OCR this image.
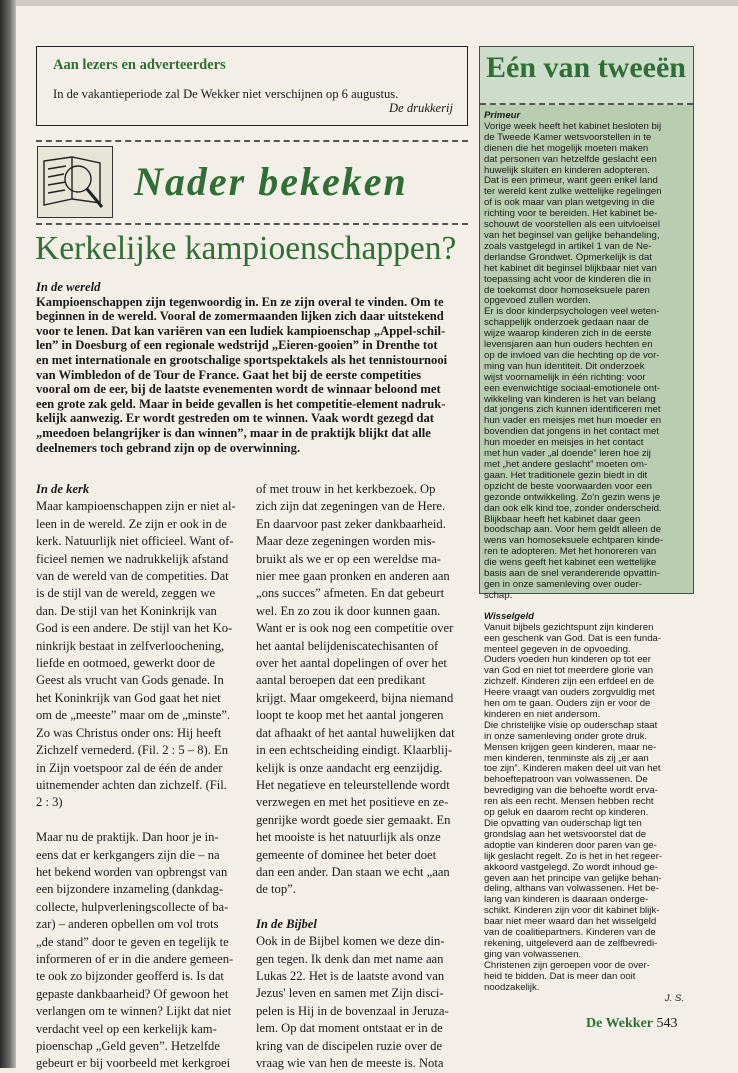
Aan lezers en adverteerders

In de vakantieperiode zal De Wekker niet verschijnen op 6 augustus.

De drukkerij

Nader bekeken
Kerkelijke kampioenschappen?
In de wereld
Kampioenschappen zijn tegenwoordig in. En ze zijn overal te vinden. Om te
beginnen in de wereld. Vooral de zomermaanden lijken zich daar uitstekend
voor te lenen. Dat kan variëren van een ludiek kampioenschap „Appel-schil-
len” in Doesburg of een regionale wedstrijd „Eieren-gooien” in Drenthe tot
en met internationale en grootschalige sportspektakels als het tennistournooi
van Wimbledon of de Tour de France. Gaat het bij de eerste competities
vooral om de eer, bij de laatste evenementen wordt de winnaar beloond met
een grote zak geld. Maar in beide gevallen is het competitie-element nadruk-
kelijk aanwezig. Er wordt gestreden om te winnen. Vaak wordt gezegd dat
„meedoen belangrijker is dan winnen”, maar in de praktijk blijkt dat alle
deelnemers toch gebrand zijn op de overwinning.
In de kerk
Maar kampioenschappen zijn er niet al-
leen in de wereld. Ze zijn er ook in de
kerk. Natuurlijk niet officieel. Want of-
ficieel nemen we nadrukkelijk afstand
van de wereld van de competities. Dat
is de stijl van de wereld, zeggen we
dan. De stijl van het Koninkrijk van
God is een andere. De stijl van het Ko-
ninkrijk bestaat in zelfverloochening,
liefde en ootmoed, gewerkt door de
Geest als vrucht van Gods genade. In
het Koninkrijk van God gaat het niet
om de „meeste” maar om de „minste”.
Zo was Christus onder ons: Hij heeft
Zichzelf vernederd. (Fil. 2 : 5 – 8). En
in Zijn voetspoor zal de één de ander
uitnemender achten dan zichzelf. (Fil.
2 : 3)

Maar nu de praktijk. Dan hoor je in-
eens dat er kerkgangers zijn die – na
het bekend worden van opbrengst van
een bijzondere inzameling (dankdag-
collecte, hulpverleningscollecte of ba-
zar) – anderen opbellen om vol trots
„de stand” door te geven en tegelijk te
informeren of er in die andere gemeen-
te ook zo bijzonder geofferd is. Is dat
gepaste dankbaarheid? Of gewoon het
verlangen om te winnen? Lijkt dat niet
verdacht veel op een kerkelijk kam-
pioenschap „Geld geven”. Hetzelfde
gebeurt er bij voorbeeld met kerkgroei
of met trouw in het kerkbezoek. Op
zich zijn dat zegeningen van de Here.
En daarvoor past zeker dankbaarheid.
Maar deze zegeningen worden mis-
bruikt als we er op een wereldse ma-
nier mee gaan pronken en anderen aan
„ons succes” afmeten. En dat gebeurt
wel. En zo zou ik door kunnen gaan.
Want er is ook nog een competitie over
het aantal belijdeniscatechisanten of
over het aantal dopelingen of over het
aantal beroepen dat een predikant
krijgt. Maar omgekeerd, bijna niemand
loopt te koop met het aantal jongeren
dat afhaakt of het aantal huwelijken dat
in een echtscheiding eindigt. Klaarblij-
kelijk is onze aandacht erg eenzijdig.
Het negatieve en teleurstellende wordt
verzwegen en met het positieve en ze-
genrijke wordt goede sier gemaakt. En
het mooiste is het natuurlijk als onze
gemeente of dominee het beter doet
dan een ander. Dan staan we echt „aan
de top”.
In de Bijbel
Ook in de Bijbel komen we deze din-
gen tegen. Ik denk dan met name aan
Lukas 22. Het is de laatste avond van
Jezus' leven en samen met Zijn disci-
pelen is Hij in de bovenzaal in Jeruza-
lem. Op dat moment ontstaat er in de
kring van de discipelen ruzie over de
vraag wie van hen de meeste is. Nota
Eén van tweeën
Primeur
Vorige week heeft het kabinet besloten bij
de Tweede Kamer wetsvoorstellen in te
dienen die het mogelijk moeten maken
dat personen van hetzelfde geslacht een
huwelijk sluiten en kinderen adopteren.
Dat is een primeur, want geen enkel land
ter wereld kent zulke wettelijke regelingen
of is ook maar van plan wetgeving in die
richting voor te bereiden. Het kabinet be-
schouwt de voorstellen als een uitvloeisel
van het beginsel van gelijke behandeling,
zoals vastgelegd in artikel 1 van de Ne-
derlandse Grondwet. Opmerkelijk is dat
het kabinet dit beginsel blijkbaar niet van
toepassing acht voor de kinderen die in
de toekomst door homoseksuele paren
opgevoed zullen worden.
Er is door kinderpsychologen veel weten-
schappelijk onderzoek gedaan naar de
wijze waarop kinderen zich in de eerste
levensjaren aan hun ouders hechten en
op de invloed van die hechting op de vor-
ming van hun identiteit. Dit onderzoek
wijst voornamelijk in één richting: voor
een evenwichtige sociaal-emotionele ont-
wikkeling van kinderen is het van belang
dat jongens zich kunnen identificeren met
hun vader en meisjes met hun moeder en
bovendien dat jongens in het contact met
hun moeder en meisjes in het contact
met hun vader „al doende” leren hoe zij
met „het andere geslacht” moeten om-
gaan. Het traditionele gezin biedt in dit
opzicht de beste voorwaarden voor een
gezonde ontwikkeling. Zo'n gezin wens je
dan ook elk kind toe, zonder onderscheid.
Blijkbaar heeft het kabinet daar geen
boodschap aan. Voor hem geldt alleen de
wens van homoseksuele echtparen kinde-
ren te adopteren. Met het honoreren van
die wens geeft het kabinet een wettelijke
basis aan de snel veranderende opvattin-
gen in onze samenleving over ouder-
schap.
Wisselgeld
Vanuit bijbels gezichtspunt zijn kinderen
een geschenk van God. Dat is een funda-
menteel gegeven in de opvoeding.
Ouders voeden hun kinderen op tot eer
van God en niet tot meerdere glorie van
zichzelf. Kinderen zijn een erfdeel en de
Heere vraagt van ouders zorgvuldig met
hen om te gaan. Ouders zijn er voor de
kinderen en niet andersom.
Die christelijke visie op ouderschap staat
in onze samenleving onder grote druk.
Mensen krijgen geen kinderen, maar ne-
men kinderen, tenminste als zij „er aan
toe zijn”. Kinderen maken deel uit van het
behoeftepatroon van volwassenen. De
bevrediging van die behoefte wordt erva-
ren als een recht. Mensen hebben recht
op geluk en daarom recht op kinderen.
Die opvatting van ouderschap ligt ten
grondslag aan het wetsvoorstel dat de
adoptie van kinderen door paren van ge-
lijk geslacht regelt. Zo is het in het regeer-
akkoord vastgelegd. Zo wordt inhoud ge-
geven aan het principe van gelijke behan-
deling, althans van volwassenen. Het be-
lang van kinderen is daaraan onderge-
schikt. Kinderen zijn voor dit kabinet blijk-
baar niet meer waard dan het wisselgeld
van de coalitiepartners. Kinderen van de
rekening, uitgeleverd aan de zelfbevredi-
ging van volwassenen.
Christenen zijn geroepen voor de over-
heid te bidden. Dat is meer dan ooit
noodzakelijk.

J. S.

De Wekker 543
